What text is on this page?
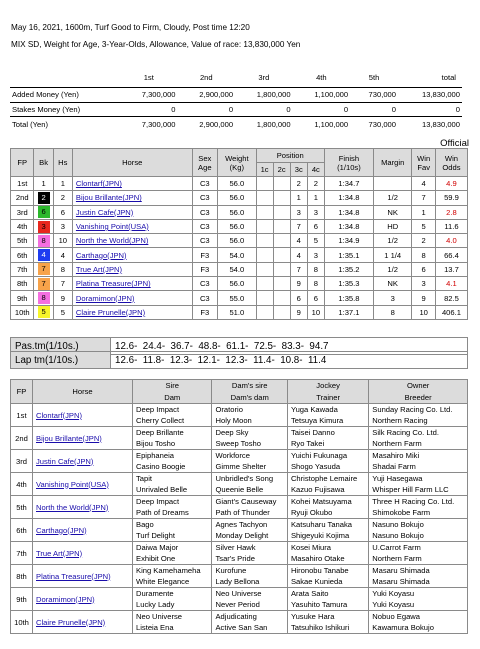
May 16, 2021, 1600m, Turf Good to Firm, Cloudy, Post time 12:20
MIX SD, Weight for Age, 3-Year-Olds, Allowance, Value of race: 13,830,000 Yen
	1st	2nd	3rd	4th	5th	total

Added Money (Yen)	7,300,000	2,900,000	1,800,000	1,100,000	730,000	13,830,000
Stakes Money (Yen)	0	0	0	0	0	0
Total (Yen)	7,300,000	2,900,000	1,800,000	1,100,000	730,000	13,830,000
Official
FP	Bk	Hs	Horse	Sex Age	Weight (Kg)	Position				Finish (1/10s)	Margin	Win Fav	Win Odds
						1c	2c	3c	4c				
1st	1	1	Clontarf(JPN)	C3	56.0			2	2	1:34.7		4	4.9
2nd	2	2	Bijou Brillante(JPN)	C3	56.0			1	1	1:34.8	1/2	7	59.9
3rd	6	6	Justin Cafe(JPN)	C3	56.0			3	3	1:34.8	NK	1	2.8
4th	3	3	Vanishing Point(USA)	C3	56.0			7	6	1:34.8	HD	5	11.6
5th	8	10	North the World(JPN)	C3	56.0			4	5	1:34.9	1/2	2	4.0
6th	4	4	Carthago(JPN)	F3	54.0			4	3	1:35.1	1 1/4	8	66.4
7th	7	8	True Art(JPN)	F3	54.0			7	8	1:35.2	1/2	6	13.7
8th	7	7	Platina Treasure(JPN)	C3	56.0			9	8	1:35.3	NK	3	4.1
9th	8	9	Doramimon(JPN)	C3	55.0			6	6	1:35.8	3	9	82.5
10th	5	5	Claire Prunelle(JPN)	F3	51.0			9	10	1:37.1	8	10	406.1
Pas.tm(1/10s.)	12.6-  24.4-  36.7-  48.8-  61.1-  72.5-  83.3-  94.7
Lap tm(1/10s.)	12.6-  11.8-  12.3-  12.1-  12.3-  11.4-  10.8-  11.4
FP	Horse	Sire	Dam's sire	Jockey	Owner
		Dam	Dam's dam	Trainer	Breeder
1st	Clontarf(JPN)	Deep Impact	Oratorio	Yuga Kawada	Sunday Racing Co. Ltd.
		Cherry Collect	Holy Moon	Tetsuya Kimura	Northern Racing
2nd	Bijou Brillante(JPN)	Deep Brillante	Deep Sky	Taisei Danno	Silk Racing Co. Ltd.
		Bijou Tosho	Sweep Tosho	Ryo Takei	Northern Farm
3rd	Justin Cafe(JPN)	Epiphaneia	Workforce	Yuichi Fukunaga	Masahiro Miki
		Casino Boogie	Gimme Shelter	Shogo Yasuda	Shadai Farm
4th	Vanishing Point(USA)	Tapit	Unbridled's Song	Christophe Lemaire	Yuji Hasegawa
		Unrivaled Belle	Queenie Belle	Kazuo Fujisawa	Whisper Hill Farm LLC
5th	North the World(JPN)	Deep Impact	Giant's Causeway	Kohei Matsuyama	Three H Racing Co. Ltd.
		Path of Dreams	Path of Thunder	Ryuji Okubo	Shimokobe Farm
6th	Carthago(JPN)	Bago	Agnes Tachyon	Katsuharu Tanaka	Nasuno Bokujo
		Turf Delight	Monday Delight	Shigeyuki Kojima	Nasuno Bokujo
7th	True Art(JPN)	Daiwa Major	Silver Hawk	Kosei Miura	U.Carrot Farm
		Exhibit One	Tsar's Pride	Masahiro Otake	Northern Farm
8th	Platina Treasure(JPN)	King Kamehameha	Kurofune	Hironobu Tanabe	Masaru Shimada
		White Elegance	Lady Bellona	Sakae Kunieda	Masaru Shimada
9th	Doramimon(JPN)	Duramente	Neo Universe	Arata Saito	Yuki Koyasu
		Lucky Lady	Never Period	Yasuhito Tamura	Yuki Koyasu
10th	Claire Prunelle(JPN)	Neo Universe	Adjudicating	Yusuke Hara	Nobuo Egawa
		Listeia Ena	Active San San	Tatsuhiko Ishikuri	Kawamura Bokujo
